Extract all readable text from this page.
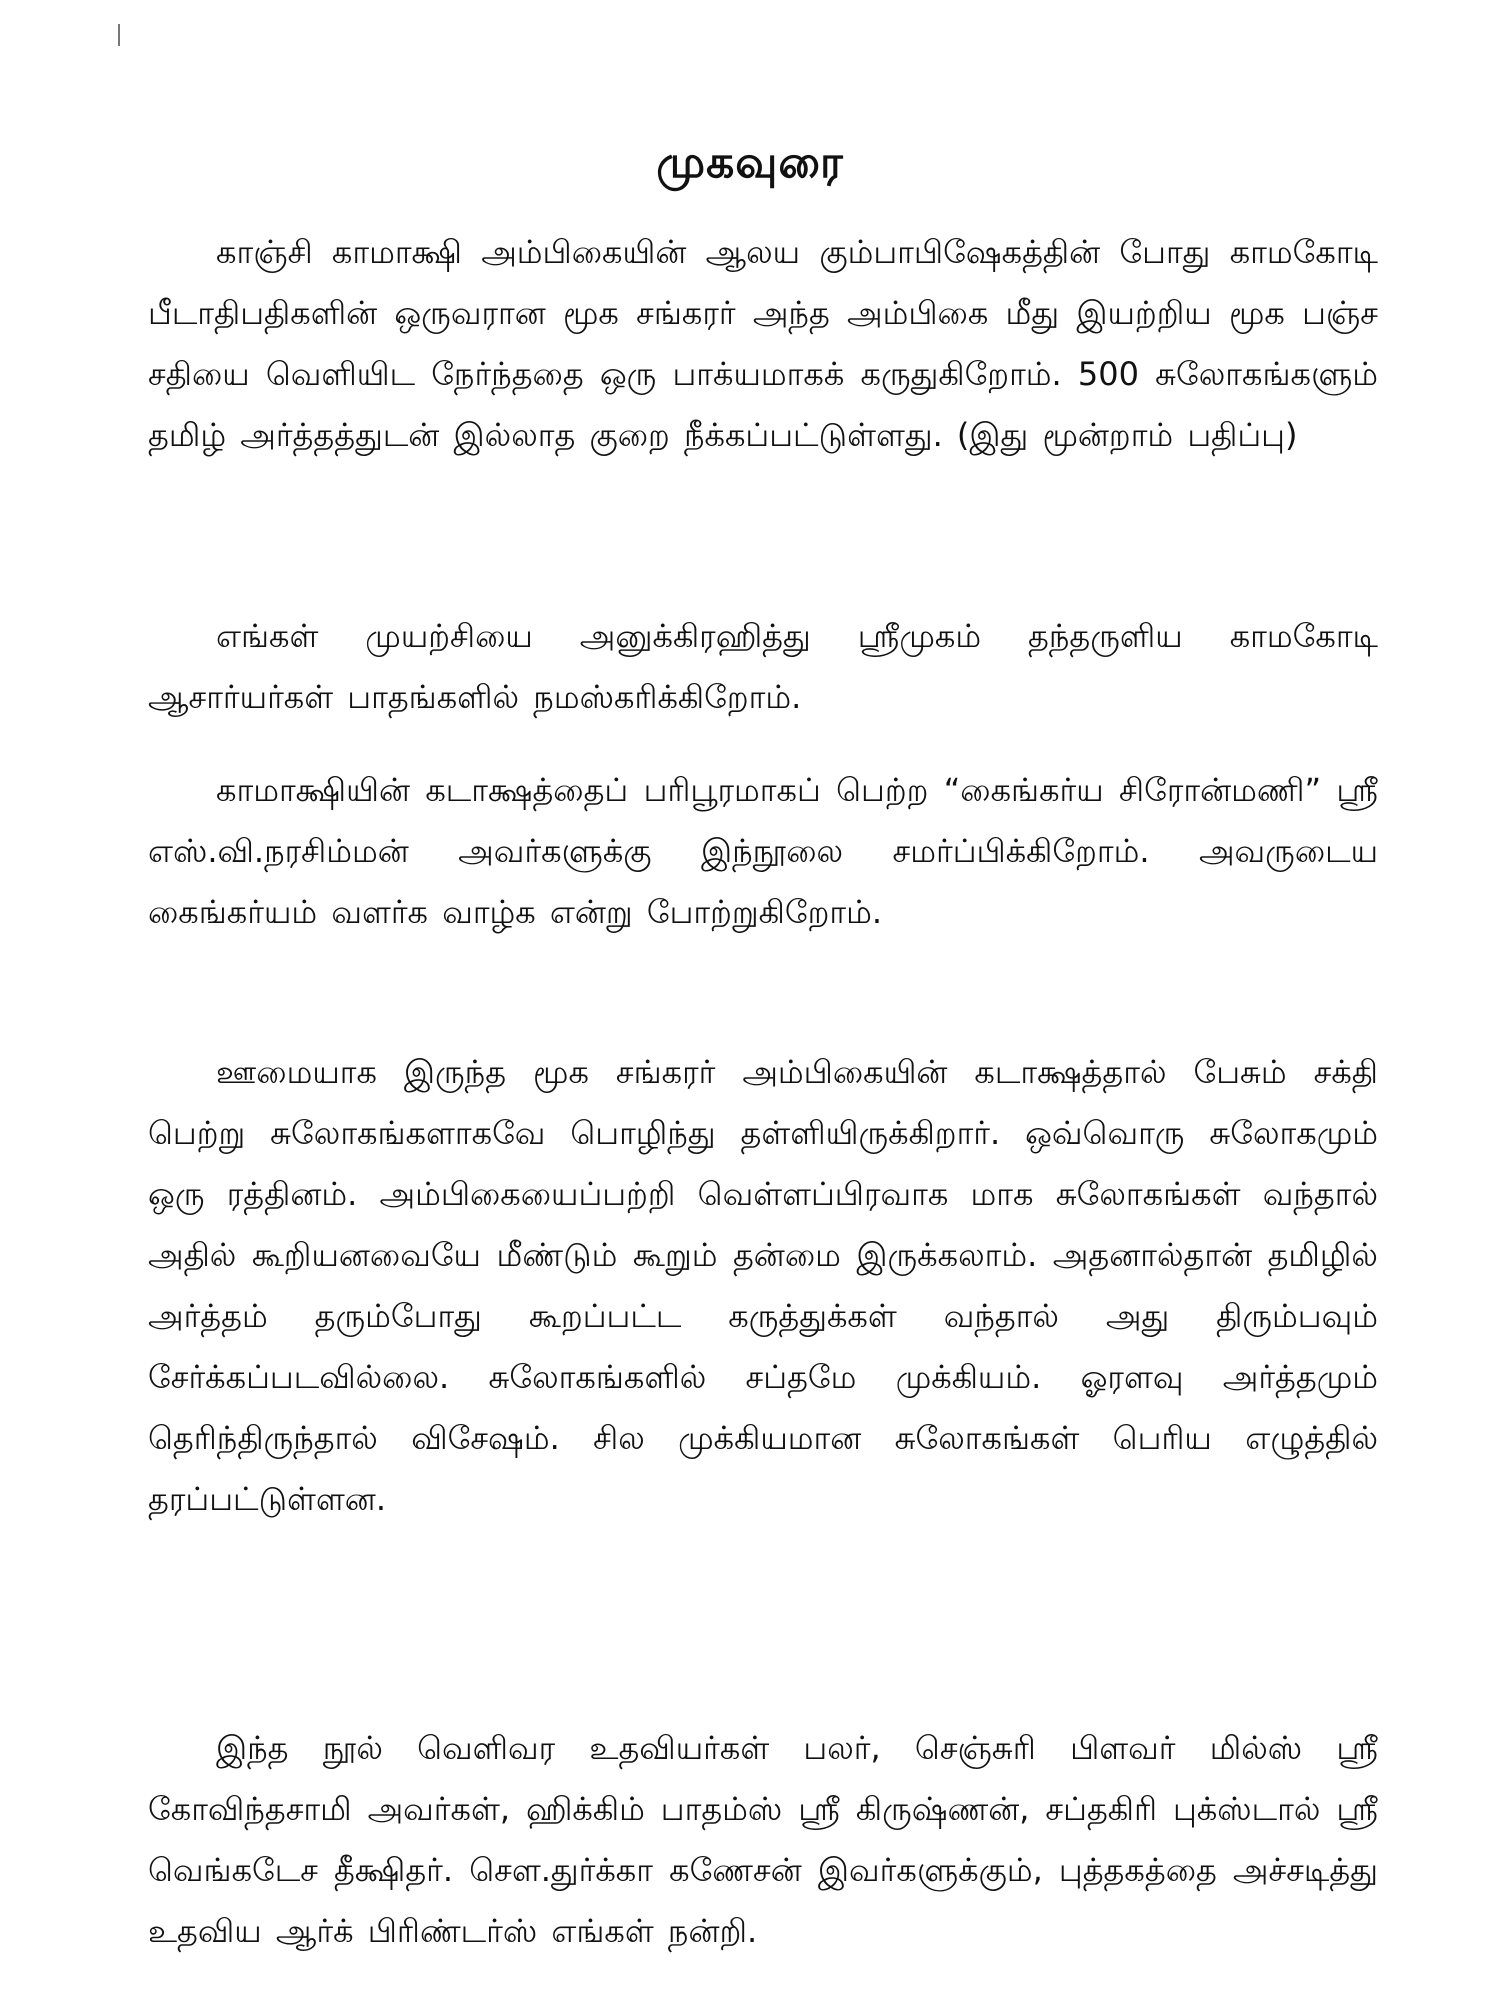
முகவுரை

காஞ்சி காமாக்ஷி அம்பிகையின் ஆலய கும்பாபிஷேகத்தின் போது காமகோடி பீடாதிபதிகளின் ஒருவரான மூக சங்கரர் அந்த அம்பிகை மீது இயற்றிய மூக பஞ்ச சதியை வெளியிட நேர்ந்ததை ஒரு பாக்யமாகக் கருதுகிறோம். 500 சுலோகங்களும் தமிழ் அர்த்தத்துடன் இல்லாத குறை நீக்கப்பட்டுள்ளது. (இது மூன்றாம் பதிப்பு)

எங்கள் முயற்சியை அனுக்கிரஹித்து ஸ்ரீமுகம் தந்தருளிய காமகோடி ஆசார்யர்கள் பாதங்களில் நமஸ்கரிக்கிறோம்.

காமாக்ஷியின் கடாக்ஷத்தைப் பரிபூரமாகப் பெற்ற “கைங்கர்ய சிரோன்மணி” ஸ்ரீ எஸ்.வி.நரசிம்மன் அவர்களுக்கு இந்நூலை சமர்ப்பிக்கிறோம். அவருடைய கைங்கர்யம் வளர்க வாழ்க என்று போற்றுகிறோம்.

ஊமையாக இருந்த மூக சங்கரர் அம்பிகையின் கடாக்ஷத்தால் பேசும் சக்தி பெற்று சுலோகங்களாகவே பொழிந்து தள்ளியிருக்கிறார். ஒவ்வொரு சுலோகமும் ஒரு ரத்தினம். அம்பிகையைப்பற்றி வெள்ளப்பிரவாக மாக சுலோகங்கள் வந்தால் அதில் கூறியனவையே மீண்டும் கூறும் தன்மை இருக்கலாம். அதனால்தான் தமிழில் அர்த்தம் தரும்போது கூறப்பட்ட கருத்துக்கள் வந்தால் அது திரும்பவும் சேர்க்கப்படவில்லை. சுலோகங்களில் சப்தமே முக்கியம். ஓரளவு அர்த்தமும் தெரிந்திருந்தால் விசேஷம். சில முக்கியமான சுலோகங்கள் பெரிய எழுத்தில் தரப்பட்டுள்ளன.

இந்த நூல் வெளிவர உதவியர்கள் பலர், செஞ்சுரி பிளவர் மில்ஸ் ஸ்ரீ கோவிந்தசாமி அவர்கள், ஹிக்கிம் பாதம்ஸ் ஸ்ரீ கிருஷ்ணன், சப்தகிரி புக்ஸ்டால் ஸ்ரீ வெங்கடேச தீக்ஷிதர். சௌ.துர்க்கா கணேசன் இவர்களுக்கும், புத்தகத்தை அச்சடித்து உதவிய ஆர்க் பிரிண்டர்ஸ் எங்கள் நன்றி.
